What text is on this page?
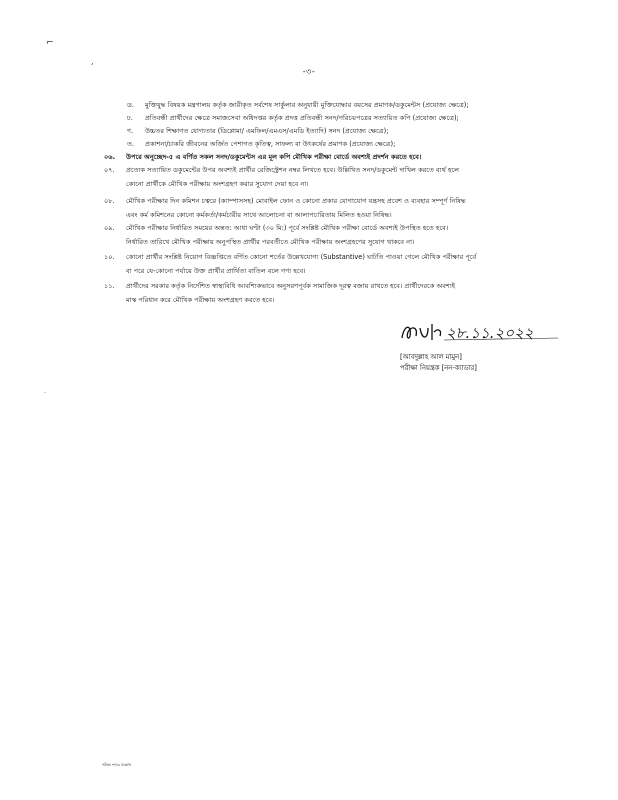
⌐
‘
·
-৩-
ড. মুক্তিযুদ্ধ বিষয়ক মন্ত্রণালয় কর্তৃক জারীকৃত সর্বশেষ সার্কুলার অনুযায়ী মুক্তিযোদ্ধার বয়সের প্রমাণক/ডকুমেন্টস (প্রযোজ্য ক্ষেত্রে);
ঢ. প্রতিবন্ধী প্রার্থীদের ক্ষেত্রে সমাজসেবা অধিদপ্তর কর্তৃক প্রদত্ত প্রতিবন্ধী সনদ/পরিচয়পত্রের সত্যায়িত কপি (প্রযোজ্য ক্ষেত্রে);
ণ. উচ্চতর শিক্ষাগত যোগ্যতার (ডিপ্লোমা/ এমফিল/এমএস/এমডি ইত্যাদি) সনদ (প্রযোজ্য ক্ষেত্রে);
ত. প্রকাশনা/চাকরি জীবনের অর্জিত পেশাগত কৃতিত্ব, সাফল্য বা উৎকর্ষের প্রমাণক (প্রযোজ্য ক্ষেত্রে);
০৬. উপরে অনুচ্ছেদ-৫ এ বর্ণিত সকল সনদ/ডকুমেন্টস এর মূল কপি মৌখিক পরীক্ষা বোর্ডে অবশ্যই প্রদর্শন করতে হবে।
০৭. প্রত্যেক সত্যায়িত ডকুমেন্টের উপর অবশ্যই প্রার্থীর রেজিস্ট্রেশন নম্বর লিখতে হবে। উল্লিখিত সনদ/ডকুমেন্ট দাখিল করতে ব্যর্থ হলে
কোনো প্রার্থীকে মৌখিক পরীক্ষায় অংশগ্রহণ করার সুযোগ দেয়া হবে না।
০৮. মৌখিক পরীক্ষার দিন কমিশন চত্বরে (ক্যাম্পাসসহ) মোবাইল ফোন ও কোনো প্রকার যোগাযোগ যন্ত্রসহ প্রবেশ ও ব্যবহার সম্পূর্ণ নিষিদ্ধ
এবং কর্ম কমিশনের কোনো কর্মকর্তা/কর্মচারীর সাথে আলোচনা বা আলাপচারিতায় মিলিত হওয়া নিষিদ্ধ।
০৯. মৌখিক পরীক্ষার নির্ধারিত সময়ের অন্তত: আধা ঘণ্টা (৩০ মি:) পূর্বে সংশ্লিষ্ট মৌখিক পরীক্ষা বোর্ডে অবশ্যই উপস্থিত হতে হবে।
নির্ধারিত তারিখে মৌখিক পরীক্ষায় অনুপস্থিত প্রার্থীর পরবর্তীতে মৌখিক পরীক্ষায় অংশগ্রহণের সুযোগ থাকবে না।
১০. কোনো প্রার্থীর সংশ্লিষ্ট নিয়োগ বিজ্ঞপ্তিতে বর্ণিত কোনো শর্তের উল্লেখযোগ্য (Substantive) ঘাটতি পাওয়া গেলে মৌখিক পরীক্ষার পূর্বে
বা পরে যে-কোনো পর্যায়ে উক্ত প্রার্থীর প্রার্থিতা বাতিল বলে গণ্য হবে।
১১. প্রার্থীদের সরকার কর্তৃক নির্দেশিত স্বাস্থ্যবিধি আবশ্যিকভাবে অনুসরণপূর্বক সামাজিক দূরত্ব বজায় রাখতে হবে। প্রার্থীদেরকে অবশ্যই
মাস্ক পরিধান করে মৌখিক পরীক্ষায় অংশগ্রহণ করতে হবে।
২৮.১১.২০২২
[আবদুল্লাহ আল মামুন]
পরীক্ষা নিয়ন্ত্রক [নন-ক্যাডার]
পরীক্ষা শাখার বিজ্ঞপ্তি
